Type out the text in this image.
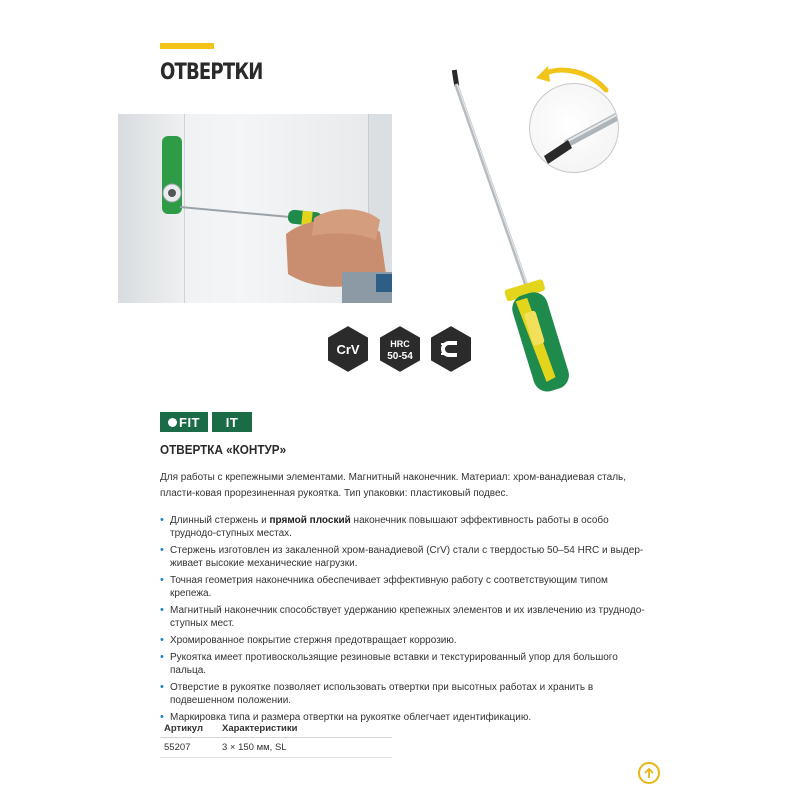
ОТВЕРТКИ
CrV	HRC
50-54
FIT IT
ОТВЕРТКА «КОНТУР»

Для работы с крепежными элементами. Магнитный наконечник. Материал: хром-ванадиевая сталь, пласти-ковая прорезиненная рукоятка. Тип упаковки: пластиковый подвес.

• Длинный стержень и прямой плоский наконечник повышают эффективность работы в особо труднодо-ступных местах.
• Стержень изготовлен из закаленной хром-ванадиевой (CrV) стали с твердостью 50–54 HRC и выдер-живает высокие механические нагрузки.
• Точная геометрия наконечника обеспечивает эффективную работу с соответствующим типом крепежа.
• Магнитный наконечник способствует удержанию крепежных элементов и их извлечению из труднодо-ступных мест.
• Хромированное покрытие стержня предотвращает коррозию.
• Рукоятка имеет противоскользящие резиновые вставки и текстурированный упор для большого пальца.
• Отверстие в рукоятке позволяет использовать отвертки при высотных работах и хранить в подвешенном положении.
• Маркировка типа и размера отвертки на рукоятке облегчает идентификацию.
Артикул	Характеристики
55207	3 × 150 мм, SL
